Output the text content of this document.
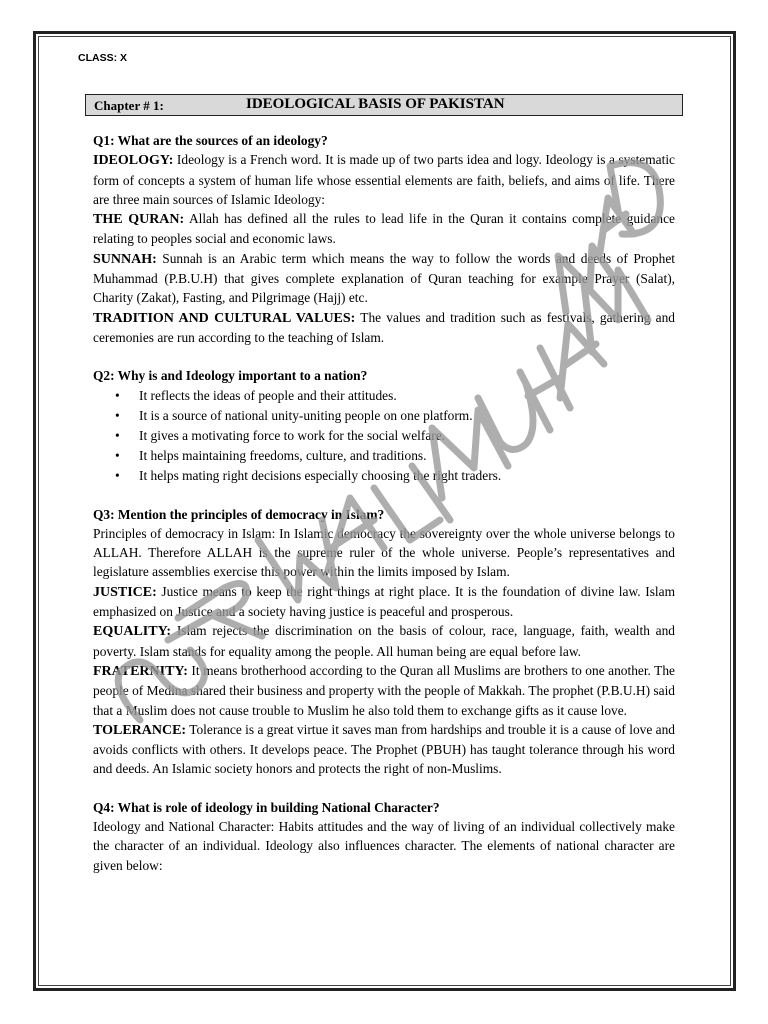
CLASS: X
Chapter # 1:	IDEOLOGICAL BASIS OF PAKISTAN

Q1: What are the sources of an ideology?

IDEOLOGY: Ideology is a French word. It is made up of two parts idea and logy. Ideology is a systematic form of concepts a system of human life whose essential elements are faith, beliefs, and aims of life. There are three main sources of Islamic Ideology:

THE QURAN: Allah has defined all the rules to lead life in the Quran it contains complete guidance relating to peoples social and economic laws.

SUNNAH: Sunnah is an Arabic term which means the way to follow the words and deeds of Prophet Muhammad (P.B.U.H) that gives complete explanation of Quran teaching for example Prayer (Salat), Charity (Zakat), Fasting, and Pilgrimage (Hajj) etc.

TRADITION AND CULTURAL VALUES: The values and tradition such as festivals, gathering and ceremonies are run according to the teaching of Islam.

Q2: Why is and Ideology important to a nation?

• It reflects the ideas of people and their attitudes.
• It is a source of national unity-uniting people on one platform.
• It gives a motivating force to work for the social welfare.
• It helps maintaining freedoms, culture, and traditions.
• It helps mating right decisions especially choosing the right traders.

Q3: Mention the principles of democracy in Islam?

Principles of democracy in Islam: In Islamic democracy the sovereignty over the whole universe belongs to ALLAH. Therefore ALLAH is the supreme ruler of the whole universe. People’s representatives and legislature assemblies exercise this power within the limits imposed by Islam.

JUSTICE: Justice means to keep the right things at right place. It is the foundation of divine law. Islam emphasized on Justice and a society having justice is peaceful and prosperous.

EQUALITY: Islam rejects the discrimination on the basis of colour, race, language, faith, wealth and poverty. Islam stands for equality among the people. All human being are equal before law.

FRATERNITY: It means brotherhood according to the Quran all Muslims are brothers to one another. The people of Medina shared their business and property with the people of Makkah. The prophet (P.B.U.H) said that a Muslim does not cause trouble to Muslim he also told them to exchange gifts as it cause love.

TOLERANCE: Tolerance is a great virtue it saves man from hardships and trouble it is a cause of love and avoids conflicts with others. It develops peace. The Prophet (PBUH) has taught tolerance through his word and deeds. An Islamic society honors and protects the right of non-Muslims.

Q4: What is role of ideology in building National Character?

Ideology and National Character: Habits attitudes and the way of living of an individual collectively make the character of an individual. Ideology also influences character. The elements of national character are given below:
